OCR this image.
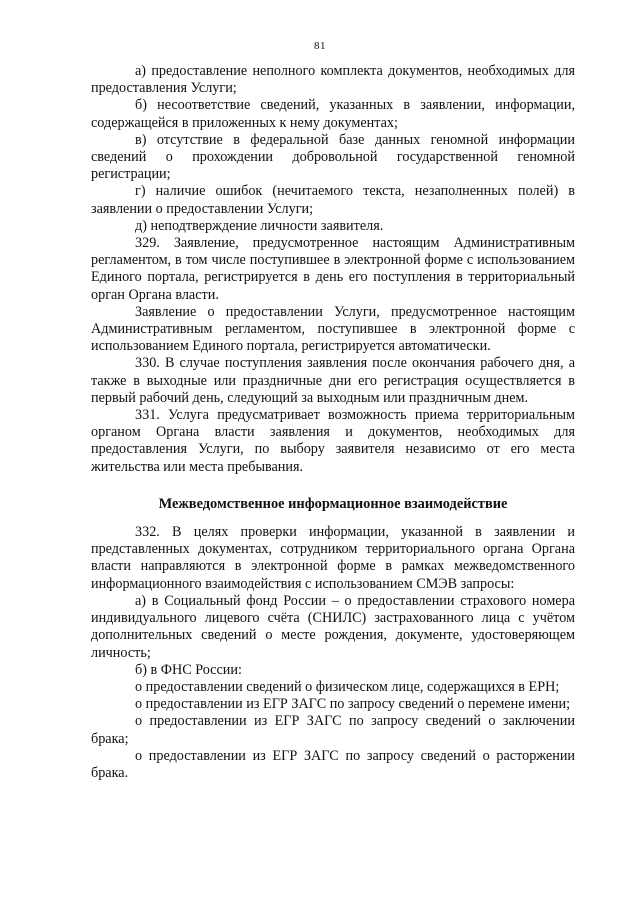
81

а) предоставление неполного комплекта документов, необходимых для предоставления Услуги;

б) несоответствие сведений, указанных в заявлении, информации, содержащейся в приложенных к нему документах;

в) отсутствие в федеральной базе данных геномной информации сведений о прохождении добровольной государственной геномной регистрации;

г) наличие ошибок (нечитаемого текста, незаполненных полей) в заявлении о предоставлении Услуги;

д) неподтверждение личности заявителя.

329. Заявление, предусмотренное настоящим Административным регламентом, в том числе поступившее в электронной форме с использованием Единого портала, регистрируется в день его поступления в территориальный орган Органа власти.

Заявление о предоставлении Услуги, предусмотренное настоящим Административным регламентом, поступившее в электронной форме с использованием Единого портала, регистрируется автоматически.

330. В случае поступления заявления после окончания рабочего дня, а также в выходные или праздничные дни его регистрация осуществляется в первый рабочий день, следующий за выходным или праздничным днем.

331. Услуга предусматривает возможность приема территориальным органом Органа власти заявления и документов, необходимых для предоставления Услуги, по выбору заявителя независимо от его места жительства или места пребывания.

Межведомственное информационное взаимодействие

332. В целях проверки информации, указанной в заявлении и представленных документах, сотрудником территориального органа Органа власти направляются в электронной форме в рамках межведомственного информационного взаимодействия с использованием СМЭВ запросы:

а) в Социальный фонд России – о предоставлении страхового номера индивидуального лицевого счёта (СНИЛС) застрахованного лица с учётом дополнительных сведений о месте рождения, документе, удостоверяющем личность;

б) в ФНС России:

о предоставлении сведений о физическом лице, содержащихся в ЕРН;

о предоставлении из ЕГР ЗАГС по запросу сведений о перемене имени;

о предоставлении из ЕГР ЗАГС по запросу сведений о заключении брака;

о предоставлении из ЕГР ЗАГС по запросу сведений о расторжении брака.
